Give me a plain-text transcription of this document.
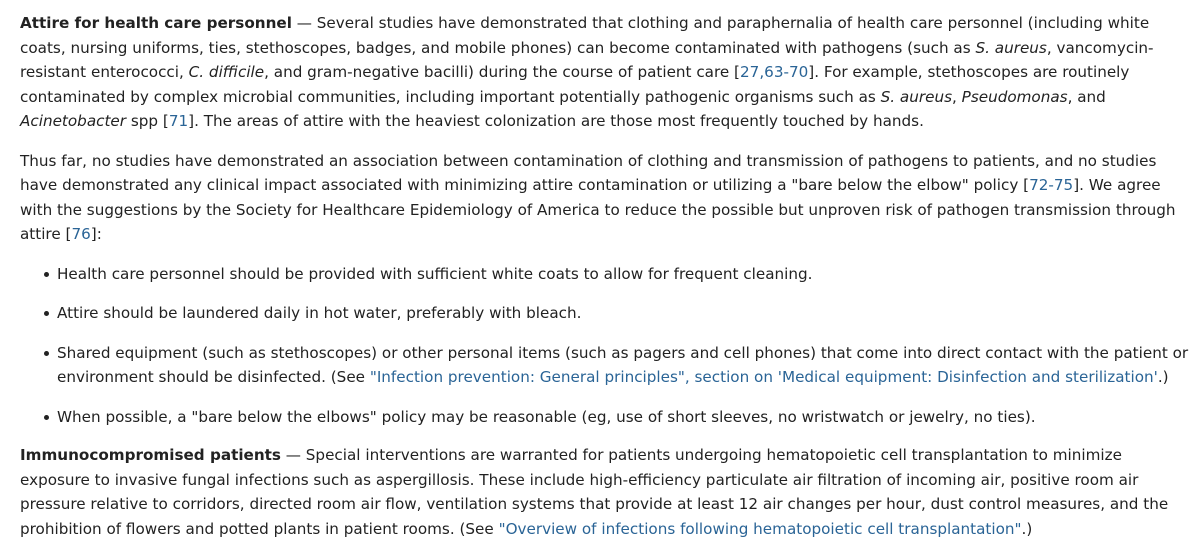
Attire for health care personnel — Several studies have demonstrated that clothing and paraphernalia of health care personnel (including white coats, nursing uniforms, ties, stethoscopes, badges, and mobile phones) can become contaminated with pathogens (such as S. aureus, vancomycin-resistant enterococci, C. difficile, and gram-negative bacilli) during the course of patient care [27,63-70]. For example, stethoscopes are routinely contaminated by complex microbial communities, including important potentially pathogenic organisms such as S. aureus, Pseudomonas, and Acinetobacter spp [71]. The areas of attire with the heaviest colonization are those most frequently touched by hands.

Thus far, no studies have demonstrated an association between contamination of clothing and transmission of pathogens to patients, and no studies have demonstrated any clinical impact associated with minimizing attire contamination or utilizing a "bare below the elbow" policy [72-75]. We agree with the suggestions by the Society for Healthcare Epidemiology of America to reduce the possible but unproven risk of pathogen transmission through attire [76]:

Health care personnel should be provided with sufficient white coats to allow for frequent cleaning.
Attire should be laundered daily in hot water, preferably with bleach.
Shared equipment (such as stethoscopes) or other personal items (such as pagers and cell phones) that come into direct contact with the patient or environment should be disinfected. (See "Infection prevention: General principles", section on 'Medical equipment: Disinfection and sterilization'.)
When possible, a "bare below the elbows" policy may be reasonable (eg, use of short sleeves, no wristwatch or jewelry, no ties).

Immunocompromised patients — Special interventions are warranted for patients undergoing hematopoietic cell transplantation to minimize exposure to invasive fungal infections such as aspergillosis. These include high-efficiency particulate air filtration of incoming air, positive room air pressure relative to corridors, directed room air flow, ventilation systems that provide at least 12 air changes per hour, dust control measures, and the prohibition of flowers and potted plants in patient rooms. (See "Overview of infections following hematopoietic cell transplantation".)
